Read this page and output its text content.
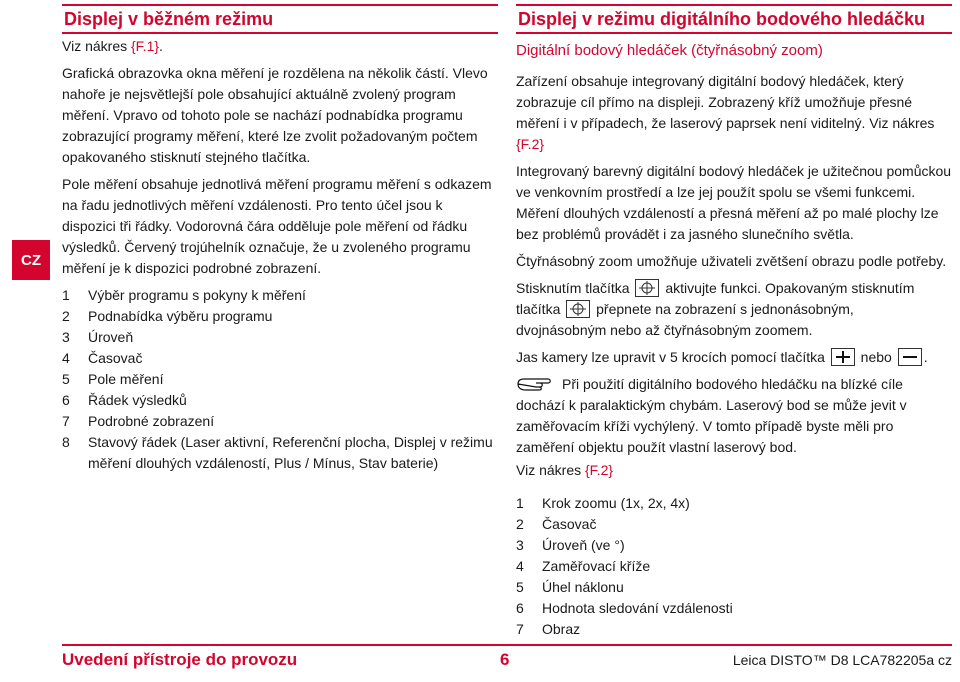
CZ
Displej v běžném režimu

Viz nákres {F.1}.

Grafická obrazovka okna měření je rozdělena na několik částí. Vlevo nahoře je nejsvětlejší pole obsahující aktuálně zvolený program měření. Vpravo od tohoto pole se nachází podnabídka programu zobrazující programy měření, které lze zvolit požadovaným počtem opakovaného stisknutí stejného tlačítka.

Pole měření obsahuje jednotlivá měření programu měření s odkazem na řadu jednotlivých měření vzdálenosti. Pro tento účel jsou k dispozici tři řádky. Vodorovná čára odděluje pole měření od řádku výsledků. Červený trojúhelník označuje, že u zvoleného programu měření je k dispozici podrobné zobrazení.

1	Výběr programu s pokyny k měření
2	Podnabídka výběru programu
3	Úroveň
4	Časovač
5	Pole měření
6	Řádek výsledků
7	Podrobné zobrazení
8	Stavový řádek (Laser aktivní, Referenční plocha, Displej v režimu měření dlouhých vzdáleností, Plus / Mínus, Stav baterie)
Displej v režimu digitálního bodového hledáčku

Digitální bodový hledáček (čtyřnásobný zoom)

Zařízení obsahuje integrovaný digitální bodový hledáček, který zobrazuje cíl přímo na displeji. Zobrazený kříž umožňuje přesné měření i v případech, že laserový paprsek není viditelný. Viz nákres {F.2}

Integrovaný barevný digitální bodový hledáček je užitečnou pomůckou ve venkovním prostředí a lze jej použít spolu se všemi funkcemi. Měření dlouhých vzdáleností a přesná měření až po malé plochy lze bez problémů provádět i za jasného slunečního světla.

Čtyřnásobný zoom umožňuje uživateli zvětšení obrazu podle potřeby.

Stisknutím tlačítka	aktivujte funkci. Opakovaným stisknutím

tlačítka	přepnete na zobrazení s jednonásobným,

dvojnásobným nebo až čtyřnásobným zoomem.

Jas kamery lze upravit v 5 krocích pomocí tlačítka	nebo .

Při použití digitálního bodového hledáčku na blízké cíle dochází k paralaktickým chybám. Laserový bod se může jevit v zaměřovacím kříži vychýlený. V tomto případě byste měli pro zaměření objektu použít vlastní laserový bod.

Viz nákres {F.2}

1	Krok zoomu (1x, 2x, 4x)
2	Časovač
3	Úroveň (ve °)
4	Zaměřovací kříže
5	Úhel náklonu
6	Hodnota sledování vzdálenosti
7	Obraz
Uvedení přístroje do provozu	6	Leica DISTO™ D8 LCA782205a cz
